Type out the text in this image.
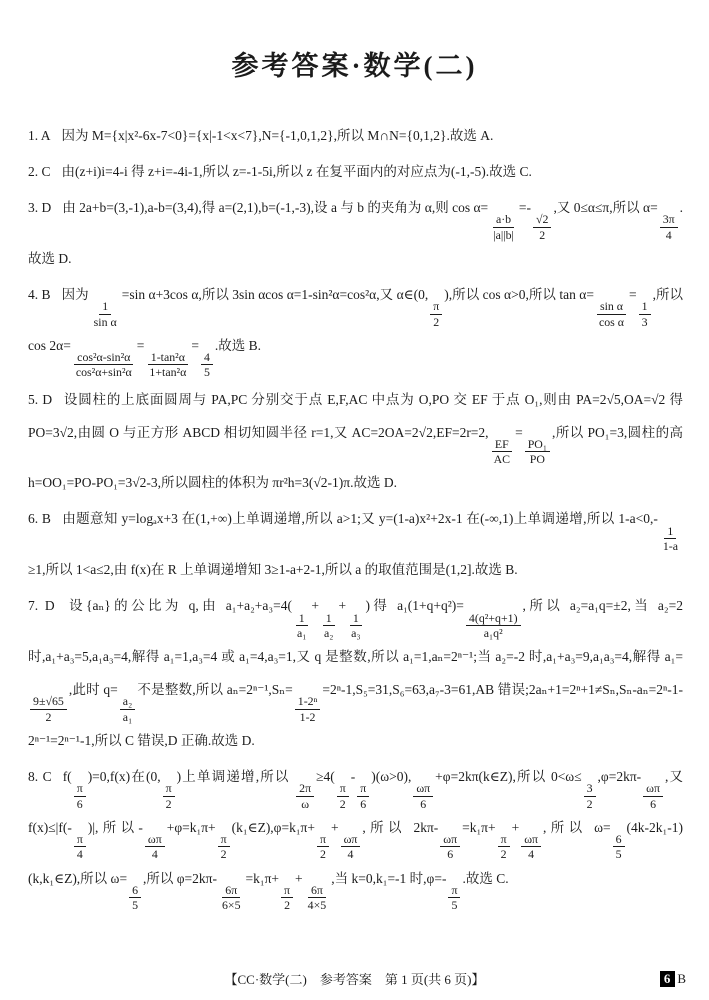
参考答案·数学(二)
1. A 因为 M={x|x²-6x-7<0}={x|-1<x<7},N={-1,0,1,2},所以 M∩N={0,1,2}.故选 A.
2. C 由(z+i)i=4-i 得 z+i=-4i-1,所以 z=-1-5i,所以 z 在复平面内的对应点为(-1,-5).故选 C.
3. D 由 2a+b=(3,-1),a-b=(3,4),得 a=(2,1),b=(-1,-3),设 a 与 b 的夹角为 α,则 cos α=
$\frac{a\cdot b}{|a||b|}$
=-
$\frac{√2}{2}$
,又 0≤α≤π,所以 α=
$\frac{3\pi}{4}$
.故选 D.
4. B 因为
$\frac{1}{\text{sin α}}$
=sin α+3cos α,所以 3sin αcos α=1-sin²α=cos²α,又 α∈(0,
$\frac{\pi}{2}$
),所以 cos α>0,所以 tan α=
$\frac{\text{sin α}}{\text{cos α}}$
=
$\frac{1}{3}$
,所以 cos 2α=
$\frac{\text{cos²α-sin²α}}{\text{cos²α+sin²α}}$
=
$\frac{\text{1-tan²α}}{\text{1+tan²α}}$
=
$\frac{4}{5}$
.故选 B.
5. D 设圆柱的上底面圆周与 PA,PC 分别交于点 E,F,AC 中点为 O,PO 交 EF 于点 O₁,则由 PA=2√5,OA=√2 得 PO=3√2,由圆 O 与正方形 ABCD 相切知圆半径 r=1,又 AC=2OA=2√2,EF=2r=2,
$\frac{EF}{AC}$
=
$\frac{\text{PO₁}}{PO}$
,所以 PO₁=3,圆柱的高 h=OO₁=PO-PO₁=3√2-3,所以圆柱的体积为 πr²h=3(√2-1)π.故选 D.
6. B 由题意知 y=logₐx+3 在(1,+∞)上单调递增,所以 a>1;又 y=(1-a)x²+2x-1 在(-∞,1)上单调递增,所以 1-a<0,-
$\frac{1}{1-a}$
≥1,所以 1<a≤2,由 f(x)在 R 上单调递增知 3≥1-a+2-1,所以 a 的取值范围是(1,2].故选 B.
7. D 设{aₙ}的公比为 q,由 a₁+a₂+a₃=4(
$\frac{1}{\text{a₁}}$
+
$\frac{1}{\text{a₂}}$
+
$\frac{1}{\text{a₃}}$
)得 a₁(1+q+q²)=
$\frac{\text{4(q²+q+1)}}{\text{a₁q²}}$
,所以 a₂=a₁q=±2,当 a₂=2 时,a₁+a₃=5,a₁a₃=4,解得 a₁=1,a₃=4 或 a₁=4,a₃=1,又 q 是整数,所以 a₁=1,aₙ=2ⁿ⁻¹;当 a₂=-2 时,a₁+a₃=9,a₁a₃=4,解得 a₁=
$\frac{9\pm√65}{2}$
,此时 q=
$\frac{\text{a₂}}{\text{a₁}}$
不是整数,所以 aₙ=2ⁿ⁻¹,Sₙ=
$\frac{\text{1-2ⁿ}}{1-2}$
=2ⁿ-1,S₅=31,S₆=63,a₇-3=61,AB 错误;2aₙ+1=2ⁿ+1≠Sₙ,Sₙ-aₙ=2ⁿ-1-2ⁿ⁻¹=2ⁿ⁻¹-1,所以 C 错误,D 正确.故选 D.
8. C f(
$\frac{\pi}{6}$
)=0,f(x)在(0,
$\frac{\pi}{2}$
)上单调递增,所以
$\frac{2\pi}{\omega}$
≥4(
$\frac{\pi}{2}$
-
$\frac{\pi}{6}$
)(ω>0),
$\frac{\omega\pi}{6}$
+φ=2kπ(k∈Z),所以 0<ω≤
$\frac{3}{2}$
,φ=2kπ-
$\frac{\omega\pi}{6}$
,又 f(x)≤|f(-
$\frac{\pi}{4}$
)|,所以-
$\frac{\omega\pi}{4}$
+φ=k₁π+
$\frac{\pi}{2}$
(k₁∈Z),φ=k₁π+
$\frac{\pi}{2}$
+
$\frac{\omega\pi}{4}$
,所以 2kπ-
$\frac{\omega\pi}{6}$
=k₁π+
$\frac{\pi}{2}$
+
$\frac{\omega\pi}{4}$
,所以 ω=
$\frac{6}{5}$
(4k-2k₁-1)(k,k₁∈Z),所以 ω=
$\frac{6}{5}$
,所以 φ=2kπ-
$\frac{6\pi}{6\times 5}$
=k₁π+
$\frac{\pi}{2}$
+
$\frac{6\pi}{4\times 5}$
,当 k=0,k₁=-1 时,φ=-
$\frac{\pi}{5}$
.故选 C.
【CC·数学(二)　参考答案　第 1 页(共 6 页)】	6 B
